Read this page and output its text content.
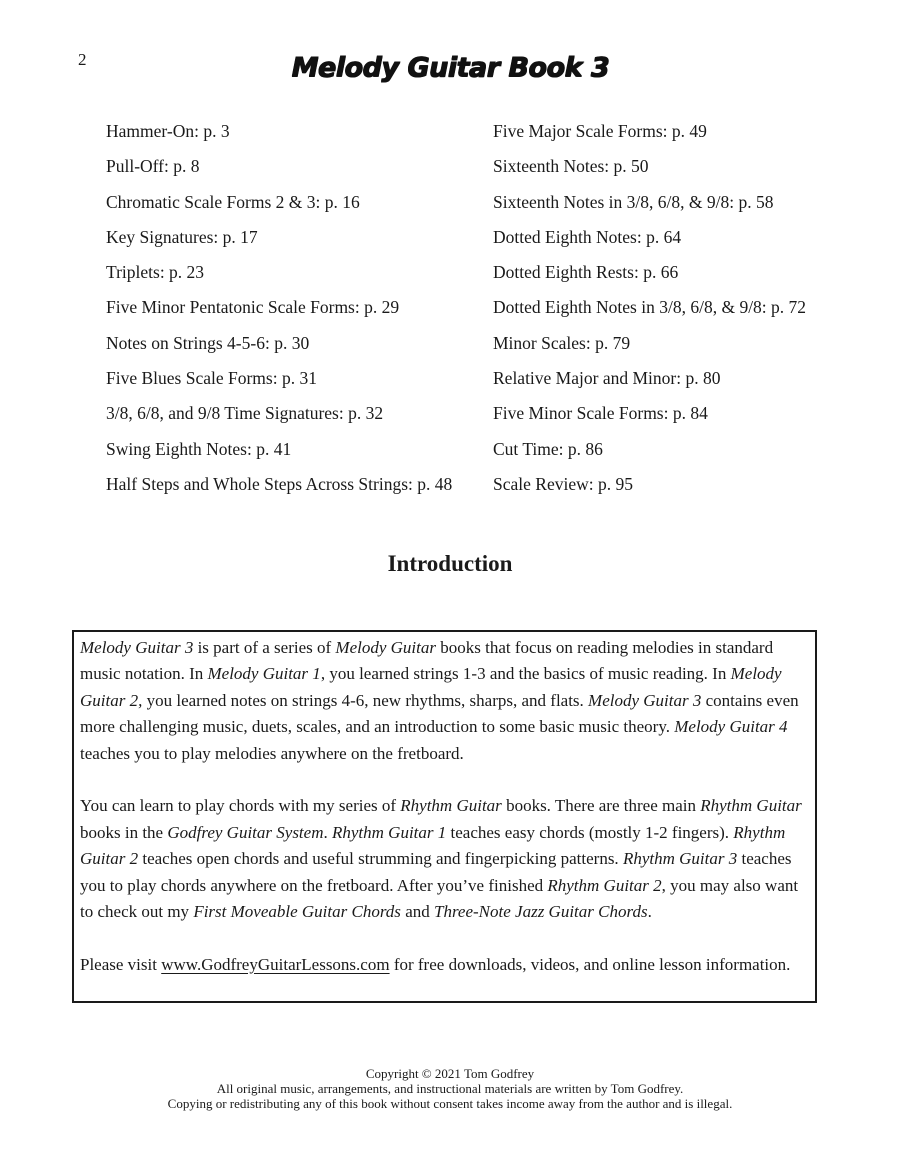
2	Melody Guitar Book 3
Hammer-On: p. 3
Pull-Off: p. 8
Chromatic Scale Forms 2 & 3: p. 16
Key Signatures: p. 17
Triplets: p. 23
Five Minor Pentatonic Scale Forms: p. 29
Notes on Strings 4-5-6: p. 30
Five Blues Scale Forms: p. 31
3/8, 6/8, and 9/8 Time Signatures: p. 32
Swing Eighth Notes: p. 41
Half Steps and Whole Steps Across Strings: p. 48
Five Major Scale Forms: p. 49
Sixteenth Notes: p. 50
Sixteenth Notes in 3/8, 6/8, & 9/8: p. 58
Dotted Eighth Notes: p. 64
Dotted Eighth Rests: p. 66
Dotted Eighth Notes in 3/8, 6/8, & 9/8: p. 72
Minor Scales: p. 79
Relative Major and Minor: p. 80
Five Minor Scale Forms: p. 84
Cut Time: p. 86
Scale Review: p. 95
Introduction

Melody Guitar 3 is part of a series of Melody Guitar books that focus on reading melodies in standard music notation. In Melody Guitar 1, you learned strings 1-3 and the basics of music reading. In Melody Guitar 2, you learned notes on strings 4-6, new rhythms, sharps, and flats. Melody Guitar 3 contains even more challenging music, duets, scales, and an introduction to some basic music theory. Melody Guitar 4 teaches you to play melodies anywhere on the fretboard.

You can learn to play chords with my series of Rhythm Guitar books. There are three main Rhythm Guitar books in the Godfrey Guitar System. Rhythm Guitar 1 teaches easy chords (mostly 1-2 fingers). Rhythm Guitar 2 teaches open chords and useful strumming and fingerpicking patterns. Rhythm Guitar 3 teaches you to play chords anywhere on the fretboard. After you’ve finished Rhythm Guitar 2, you may also want to check out my First Moveable Guitar Chords and Three-Note Jazz Guitar Chords.

Please visit www.GodfreyGuitarLessons.com for free downloads, videos, and online lesson information.

Copyright © 2021 Tom Godfrey
All original music, arrangements, and instructional materials are written by Tom Godfrey.
Copying or redistributing any of this book without consent takes income away from the author and is illegal.
